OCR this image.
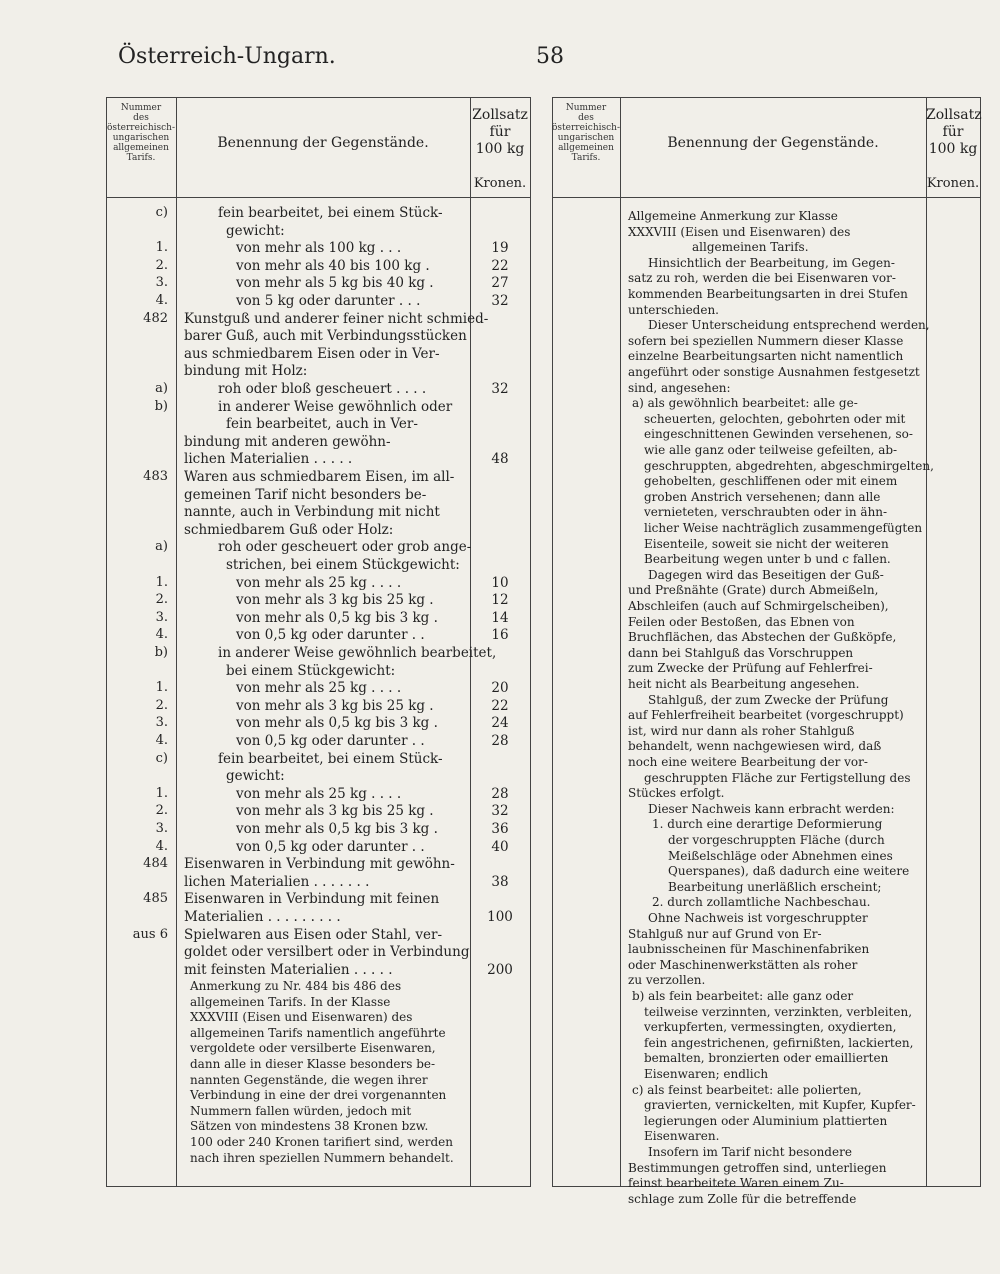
Österreich-Ungarn.	58
Nummer
des
österreichisch-
ungarischen
allgemeinen
Tarifs.
Benennung der Gegenstände.
Zollsatz
für
100 kg
Kronen.
c)	fein bearbeitet, bei einem Stück-
gewicht:
1.	von mehr als 100 kg . . .	19
2.	von mehr als 40 bis 100 kg .	22
3.	von mehr als 5 kg bis 40 kg .	27
4.	von 5 kg oder darunter . . .	32
482 Kunstguß und anderer feiner nicht schmied-
barer Guß, auch mit Verbindungsstücken
aus schmiedbarem Eisen oder in Ver-
bindung mit Holz:
a)	roh oder bloß gescheuert . . . .	32
b)	in anderer Weise gewöhnlich oder
fein bearbeitet, auch in Ver-
bindung mit anderen gewöhn-
lichen Materialien . . . . .	48
483 Waren aus schmiedbarem Eisen, im all-
gemeinen Tarif nicht besonders be-
nannte, auch in Verbindung mit nicht
schmiedbarem Guß oder Holz:
a)	roh oder gescheuert oder grob ange-
strichen, bei einem Stückgewicht:
1.	von mehr als 25 kg . . . .	10
2.	von mehr als 3 kg bis 25 kg .	12
3.	von mehr als 0,5 kg bis 3 kg .	14
4.	von 0,5 kg oder darunter . .	16
b)	in anderer Weise gewöhnlich bearbeitet,
bei einem Stückgewicht:
1.	von mehr als 25 kg . . . .	20
2.	von mehr als 3 kg bis 25 kg .	22
3.	von mehr als 0,5 kg bis 3 kg .	24
4.	von 0,5 kg oder darunter . .	28
c)	fein bearbeitet, bei einem Stück-
gewicht:
1.	von mehr als 25 kg . . . .	28
2.	von mehr als 3 kg bis 25 kg .	32
3.	von mehr als 0,5 kg bis 3 kg .	36
4.	von 0,5 kg oder darunter . .	40
484 Eisenwaren in Verbindung mit gewöhn-
lichen Materialien . . . . . . .	38
485 Eisenwaren in Verbindung mit feinen
Materialien . . . . . . . . .	100
aus 6 Spielwaren aus Eisen oder Stahl, ver-
goldet oder versilbert oder in Verbindung
mit feinsten Materialien . . . . .	200
Anmerkung zu Nr. 484 bis 486 des
allgemeinen Tarifs. In der Klasse
XXXVIII (Eisen und Eisenwaren) des
allgemeinen Tarifs namentlich angeführte
vergoldete oder versilberte Eisenwaren,
dann alle in dieser Klasse besonders be-
nannten Gegenstände, die wegen ihrer
Verbindung in eine der drei vorgenannten
Nummern fallen würden, jedoch mit
Sätzen von mindestens 38 Kronen bzw.
100 oder 240 Kronen tarifiert sind, werden
nach ihren speziellen Nummern behandelt.
Nummer
des
österreichisch-
ungarischen
allgemeinen
Tarifs.
Benennung der Gegenstände.
Zollsatz
für
100 kg
Kronen.
Allgemeine Anmerkung zur Klasse
XXXVIII (Eisen und Eisenwaren) des
allgemeinen Tarifs.
Hinsichtlich der Bearbeitung, im Gegen-
satz zu roh, werden die bei Eisenwaren vor-
kommenden Bearbeitungsarten in drei Stufen
unterschieden.
Dieser Unterscheidung entsprechend werden,
sofern bei speziellen Nummern dieser Klasse
einzelne Bearbeitungsarten nicht namentlich
angeführt oder sonstige Ausnahmen festgesetzt
sind, angesehen:
a) als gewöhnlich bearbeitet: alle ge-
scheuerten, gelochten, gebohrten oder mit
eingeschnittenen Gewinden versehenen, so-
wie alle ganz oder teilweise gefeilten, ab-
geschruppten, abgedrehten, abgeschmirgelten,
gehobelten, geschliffenen oder mit einem
groben Anstrich versehenen; dann alle
vernieteten, verschraubten oder in ähn-
licher Weise nachträglich zusammengefügten
Eisenteile, soweit sie nicht der weiteren
Bearbeitung wegen unter b und c fallen.
Dagegen wird das Beseitigen der Guß-
und Preßnähte (Grate) durch Abmeißeln,
Abschleifen (auch auf Schmirgelscheiben),
Feilen oder Bestoßen, das Ebnen von
Bruchflächen, das Abstechen der Gußköpfe,
dann bei Stahlguß das Vorschruppen
zum Zwecke der Prüfung auf Fehlerfrei-
heit nicht als Bearbeitung angesehen.
Stahlguß, der zum Zwecke der Prüfung
auf Fehlerfreiheit bearbeitet (vorgeschruppt)
ist, wird nur dann als roher Stahlguß
behandelt, wenn nachgewiesen wird, daß
noch eine weitere Bearbeitung der vor-
geschruppten Fläche zur Fertigstellung des
Stückes erfolgt.
Dieser Nachweis kann erbracht werden:
1. durch eine derartige Deformierung
der vorgeschruppten Fläche (durch
Meißelschläge oder Abnehmen eines
Querspanes), daß dadurch eine weitere
Bearbeitung unerläßlich erscheint;
2. durch zollamtliche Nachbeschau.
Ohne Nachweis ist vorgeschruppter
Stahlguß nur auf Grund von Er-
laubnisscheinen für Maschinenfabriken
oder Maschinenwerkstätten als roher
zu verzollen.
b) als fein bearbeitet: alle ganz oder
teilweise verzinnten, verzinkten, verbleiten,
verkupferten, vermessingten, oxydierten,
fein angestrichenen, gefirnißten, lackierten,
bemalten, bronzierten oder emaillierten
Eisenwaren; endlich
c) als feinst bearbeitet: alle polierten,
gravierten, vernickelten, mit Kupfer, Kupfer-
legierungen oder Aluminium plattierten
Eisenwaren.
Insofern im Tarif nicht besondere
Bestimmungen getroffen sind, unterliegen
feinst bearbeitete Waren einem Zu-
schlage zum Zolle für die betreffende
